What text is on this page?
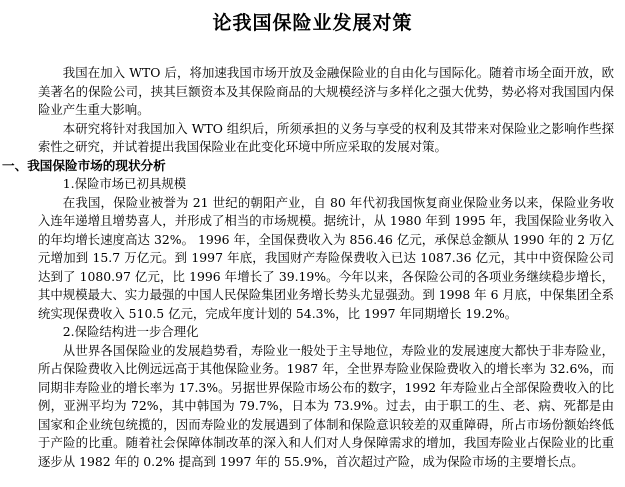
论我国保险业发展对策

我国在加入 WTO 后，将加速我国市场开放及金融保险业的自由化与国际化。随着市场全面开放，欧美著名的保险公司，挟其巨额资本及其保险商品的大规模经济与多样化之强大优势，势必将对我国国内保险业产生重大影响。

本研究将针对我国加入 WTO 组织后，所须承担的义务与享受的权利及其带来对保险业之影响作些探索性之研究，并试着提出我国保险业在此变化环境中所应采取的发展对策。

一、我国保险市场的现状分析

1.保险市场已初具规模

在我国，保险业被誉为 21 世纪的朝阳产业，自 80 年代初我国恢复商业保险业务以来，保险业务收入连年递增且增势喜人，并形成了相当的市场规模。据统计，从 1980 年到 1995 年，我国保险业务收入的年均增长速度高达 32%。 1996 年，全国保费收入为 856.46 亿元，承保总金额从 1990 年的 2 万亿元增加到 15.7 万亿元。到 1997 年底，我国财产寿险保费收入已达 1087.36 亿元，其中中资保险公司达到了 1080.97 亿元，比 1996 年增长了 39.19%。今年以来，各保险公司的各项业务继续稳步增长，其中规模最大、实力最强的中国人民保险集团业务增长势头尤显强劲。到 1998 年 6 月底，中保集团全系统实现保费收入 510.5 亿元，完成年度计划的 54.3%，比 1997 年同期增长 19.2%。

2.保险结构进一步合理化

从世界各国保险业的发展趋势看，寿险业一般处于主导地位，寿险业的发展速度大都快于非寿险业，所占保险费收入比例远远高于其他保险业务。1987 年，全世界寿险业保险费收入的增长率为 32.6%，而同期非寿险业的增长率为 17.3%。另据世界保险市场公布的数字，1992 年寿险业占全部保险费收入的比例，亚洲平均为 72%，其中韩国为 79.7%，日本为 73.9%。过去，由于职工的生、老、病、死都是由国家和企业统包统揽的，因而寿险业的发展遇到了体制和保险意识较差的双重障碍，所占市场份额始终低于产险的比重。随着社会保障体制改革的深入和人们对人身保障需求的增加，我国寿险业占保险业的比重逐步从 1982 年的 0.2% 提高到 1997 年的 55.9%，首次超过产险，成为保险市场的主要增长点。
